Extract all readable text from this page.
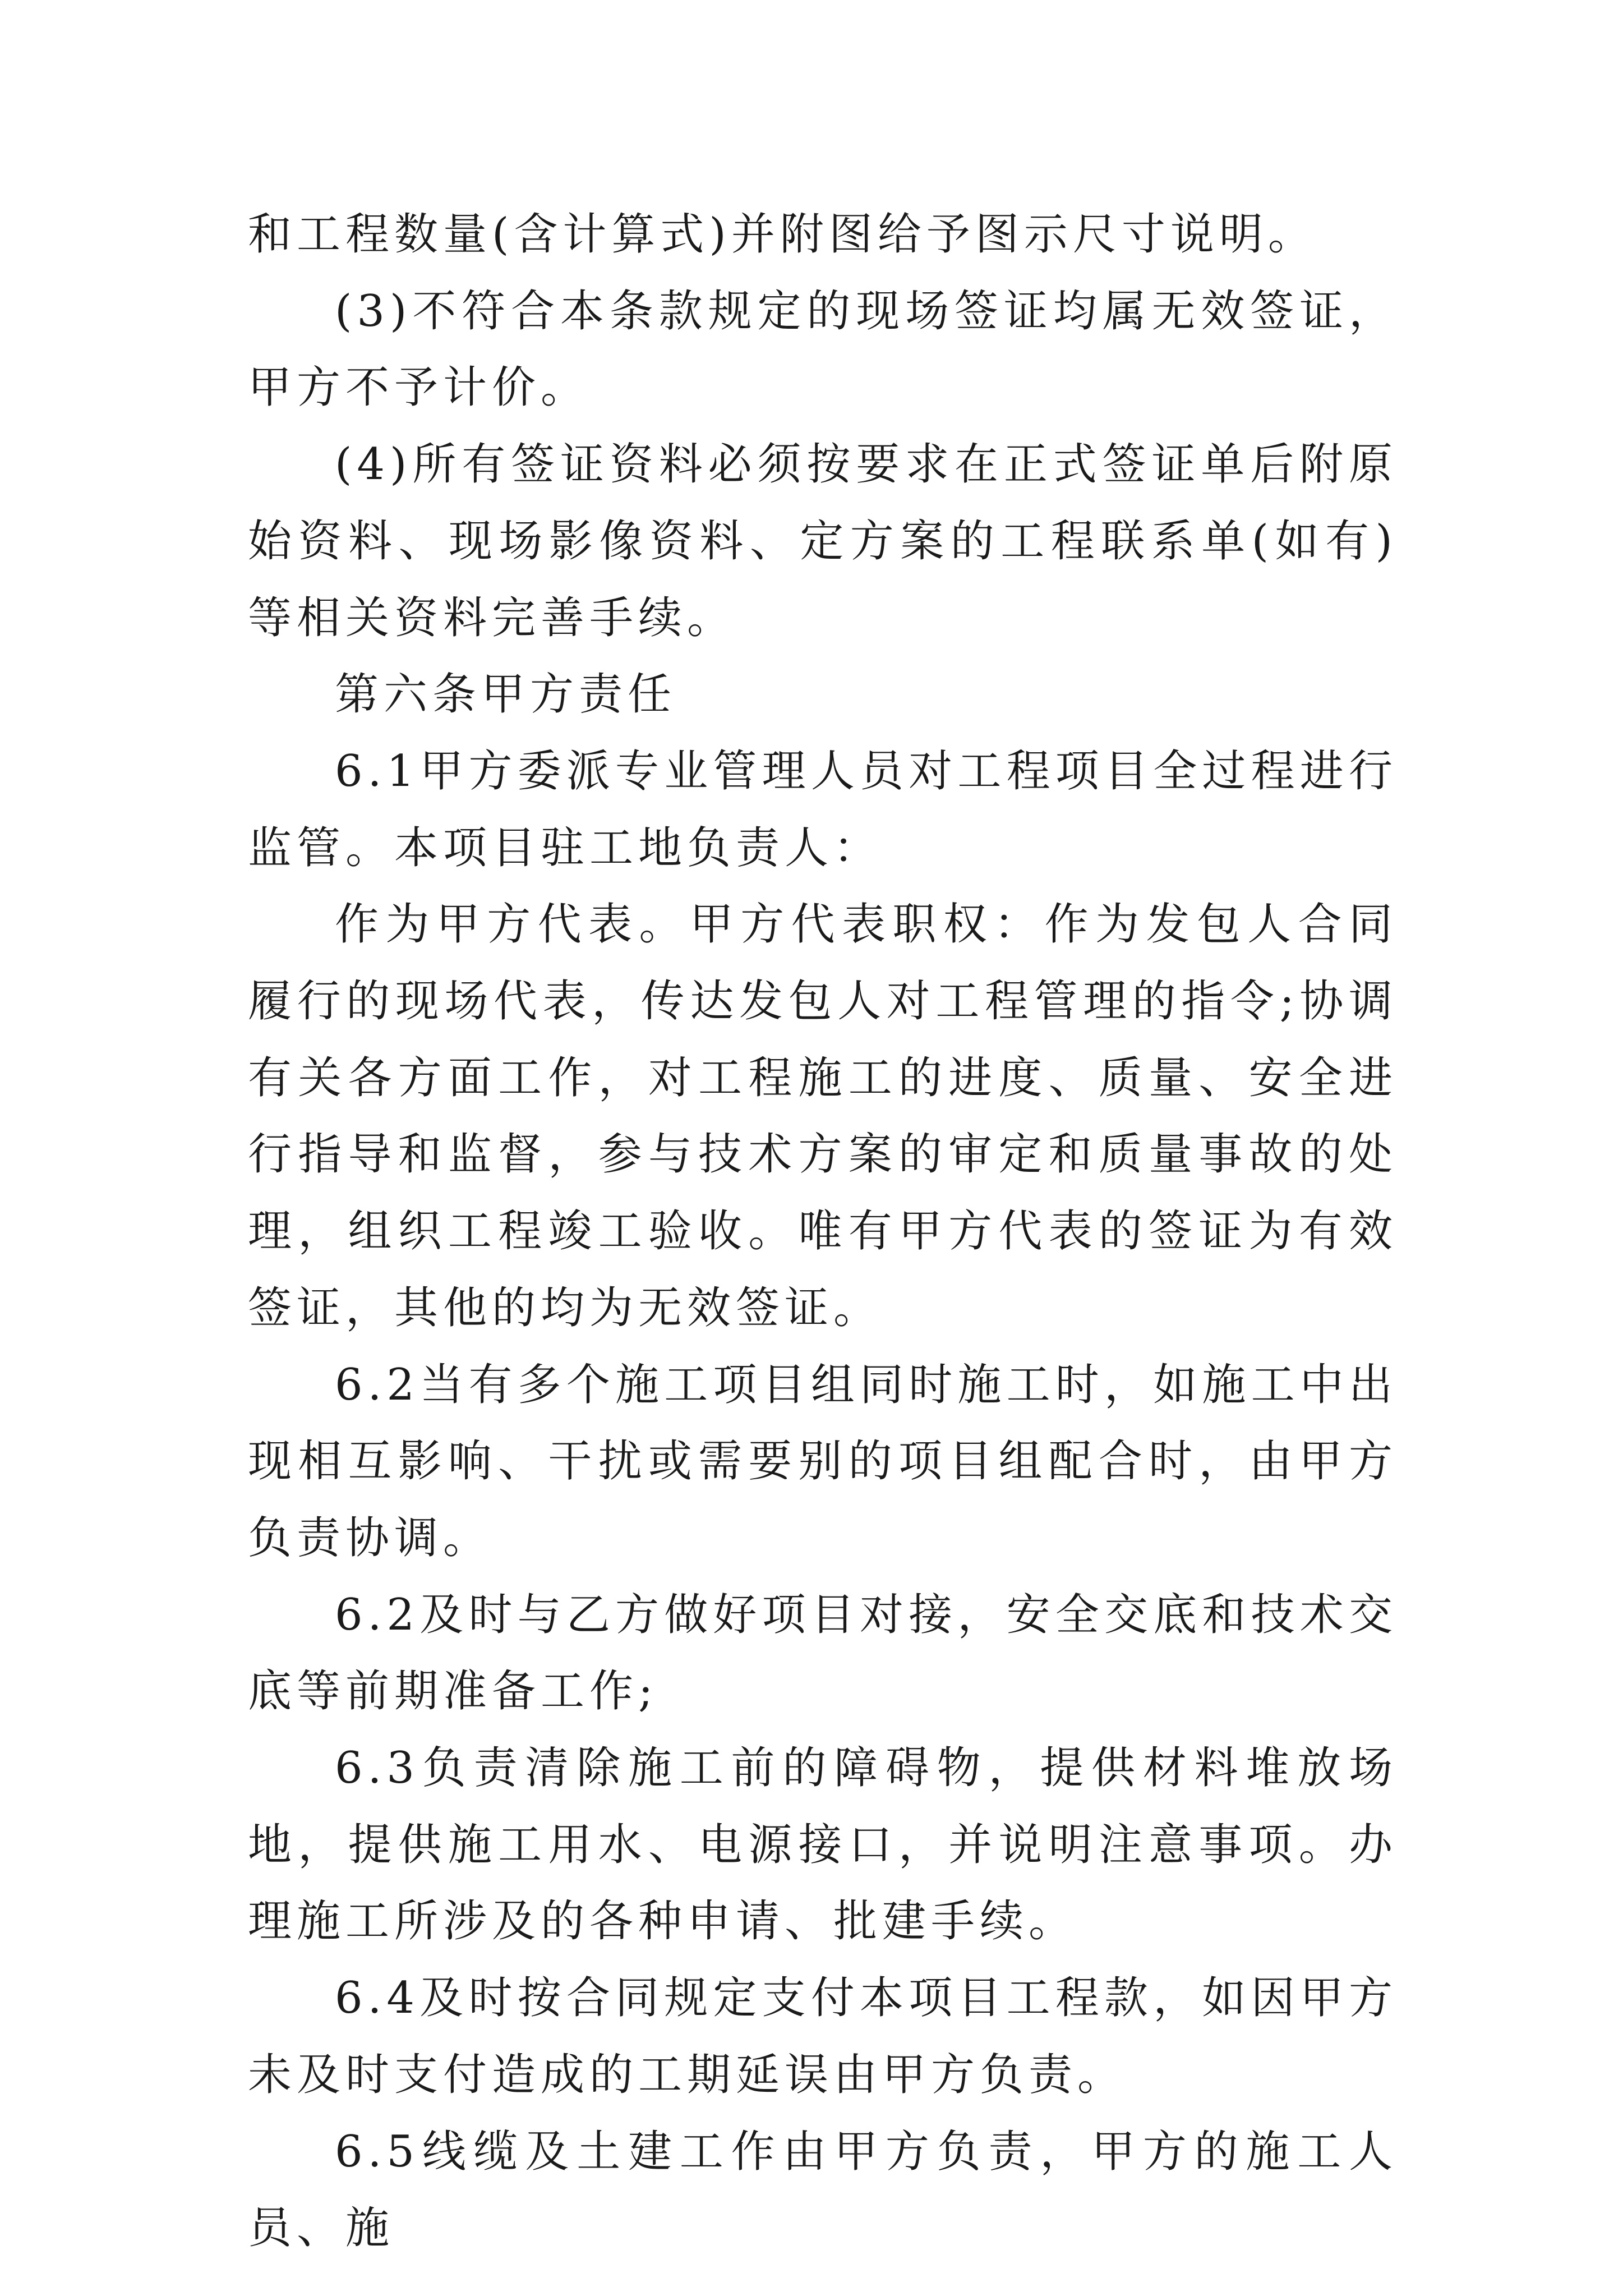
和工程数量(含计算式)并附图给予图示尺寸说明。

(3)不符合本条款规定的现场签证均属无效签证，甲方不予计价。

(4)所有签证资料必须按要求在正式签证单后附原始资料、现场影像资料、定方案的工程联系单(如有)等相关资料完善手续。

第六条甲方责任

6.1甲方委派专业管理人员对工程项目全过程进行监管。本项目驻工地负责人：

作为甲方代表。甲方代表职权：作为发包人合同履行的现场代表，传达发包人对工程管理的指令;协调有关各方面工作，对工程施工的进度、质量、安全进行指导和监督，参与技术方案的审定和质量事故的处理，组织工程竣工验收。唯有甲方代表的签证为有效签证，其他的均为无效签证。

6.2当有多个施工项目组同时施工时，如施工中出现相互影响、干扰或需要别的项目组配合时，由甲方负责协调。

6.2及时与乙方做好项目对接，安全交底和技术交底等前期准备工作;

6.3负责清除施工前的障碍物，提供材料堆放场地，提供施工用水、电源接口，并说明注意事项。办理施工所涉及的各种申请、批建手续。

6.4及时按合同规定支付本项目工程款，如因甲方未及时支付造成的工期延误由甲方负责。

6.5线缆及土建工作由甲方负责，甲方的施工人员、施
